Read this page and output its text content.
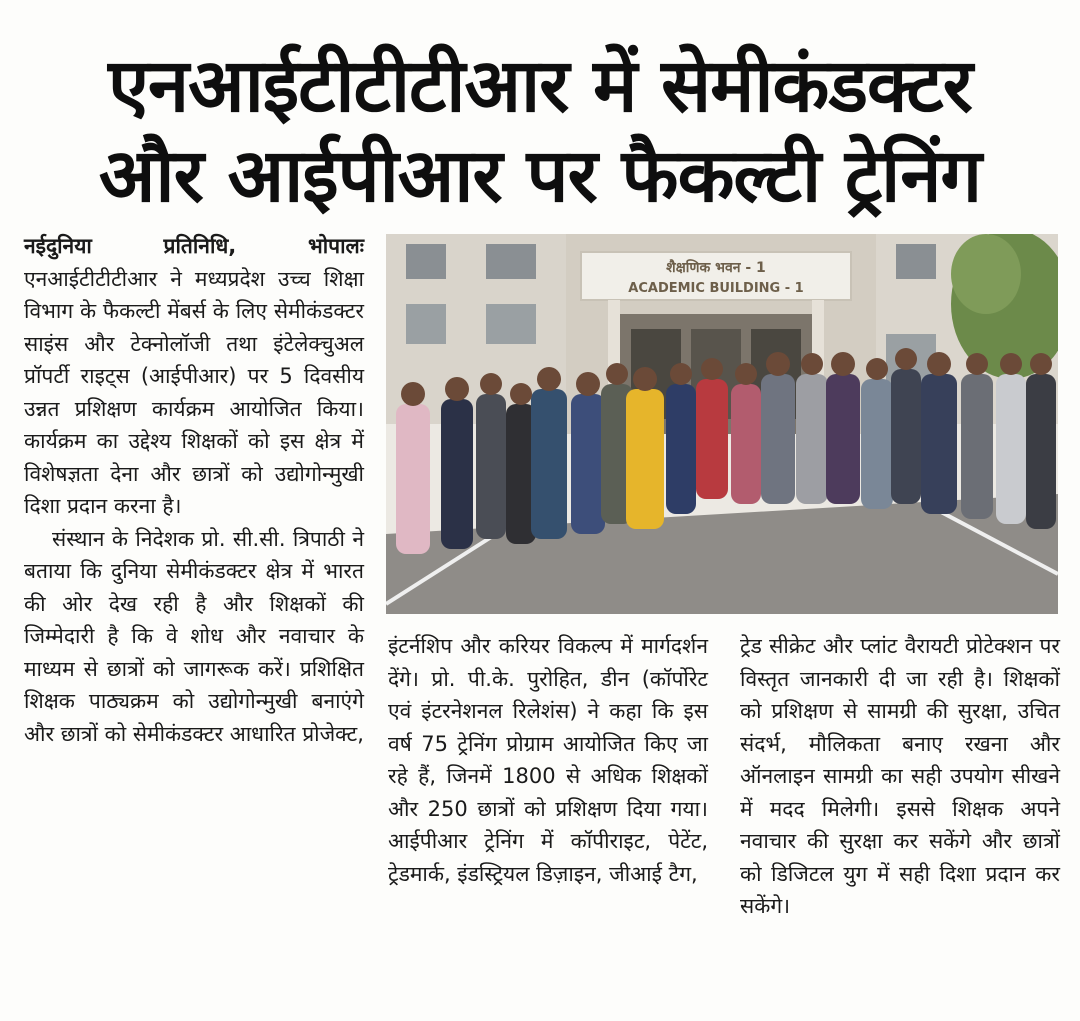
एनआईटीटीटीआर में सेमीकंडक्टर
और आईपीआर पर फैकल्टी ट्रेनिंग

नईदुनिया प्रतिनिधि, भोपालः एनआईटीटीटीआर ने मध्यप्रदेश उच्च शिक्षा विभाग के फैकल्टी मेंबर्स के लिए सेमीकंडक्टर साइंस और टेक्नोलॉजी तथा इंटेलेक्चुअल प्रॉपर्टी राइट्स (आईपीआर) पर 5 दिवसीय उन्नत प्रशिक्षण कार्यक्रम आयोजित किया। कार्यक्रम का उद्देश्य शिक्षकों को इस क्षेत्र में विशेषज्ञता देना और छात्रों को उद्योगोन्मुखी दिशा प्रदान करना है।

संस्थान के निदेशक प्रो. सी.सी. त्रिपाठी ने बताया कि दुनिया सेमीकंडक्टर क्षेत्र में भारत की ओर देख रही है और शिक्षकों की जिम्मेदारी है कि वे शोध और नवाचार के माध्यम से छात्रों को जागरूक करें। प्रशिक्षित शिक्षक पाठ्यक्रम को उद्योगोन्मुखी बनाएंगे और छात्रों को सेमीकंडक्टर आधारित प्रोजेक्ट,

शैक्षणिक भवन - 1
ACADEMIC BUILDING - 1

इंटर्नशिप और करियर विकल्प में मार्गदर्शन देंगे। प्रो. पी.के. पुरोहित, डीन (कॉर्पोरेट एवं इंटरनेशनल रिलेशंस) ने कहा कि इस वर्ष 75 ट्रेनिंग प्रोग्राम आयोजित किए जा रहे हैं, जिनमें 1800 से अधिक शिक्षकों और 250 छात्रों को प्रशिक्षण दिया गया। आईपीआर ट्रेनिंग में कॉपीराइट, पेटेंट, ट्रेडमार्क, इंडस्ट्रियल डिज़ाइन, जीआई टैग,

ट्रेड सीक्रेट और प्लांट वैरायटी प्रोटेक्शन पर विस्तृत जानकारी दी जा रही है। शिक्षकों को प्रशिक्षण से सामग्री की सुरक्षा, उचित संदर्भ, मौलिकता बनाए रखना और ऑनलाइन सामग्री का सही उपयोग सीखने में मदद मिलेगी। इससे शिक्षक अपने नवाचार की सुरक्षा कर सकेंगे और छात्रों को डिजिटल युग में सही दिशा प्रदान कर सकेंगे।
